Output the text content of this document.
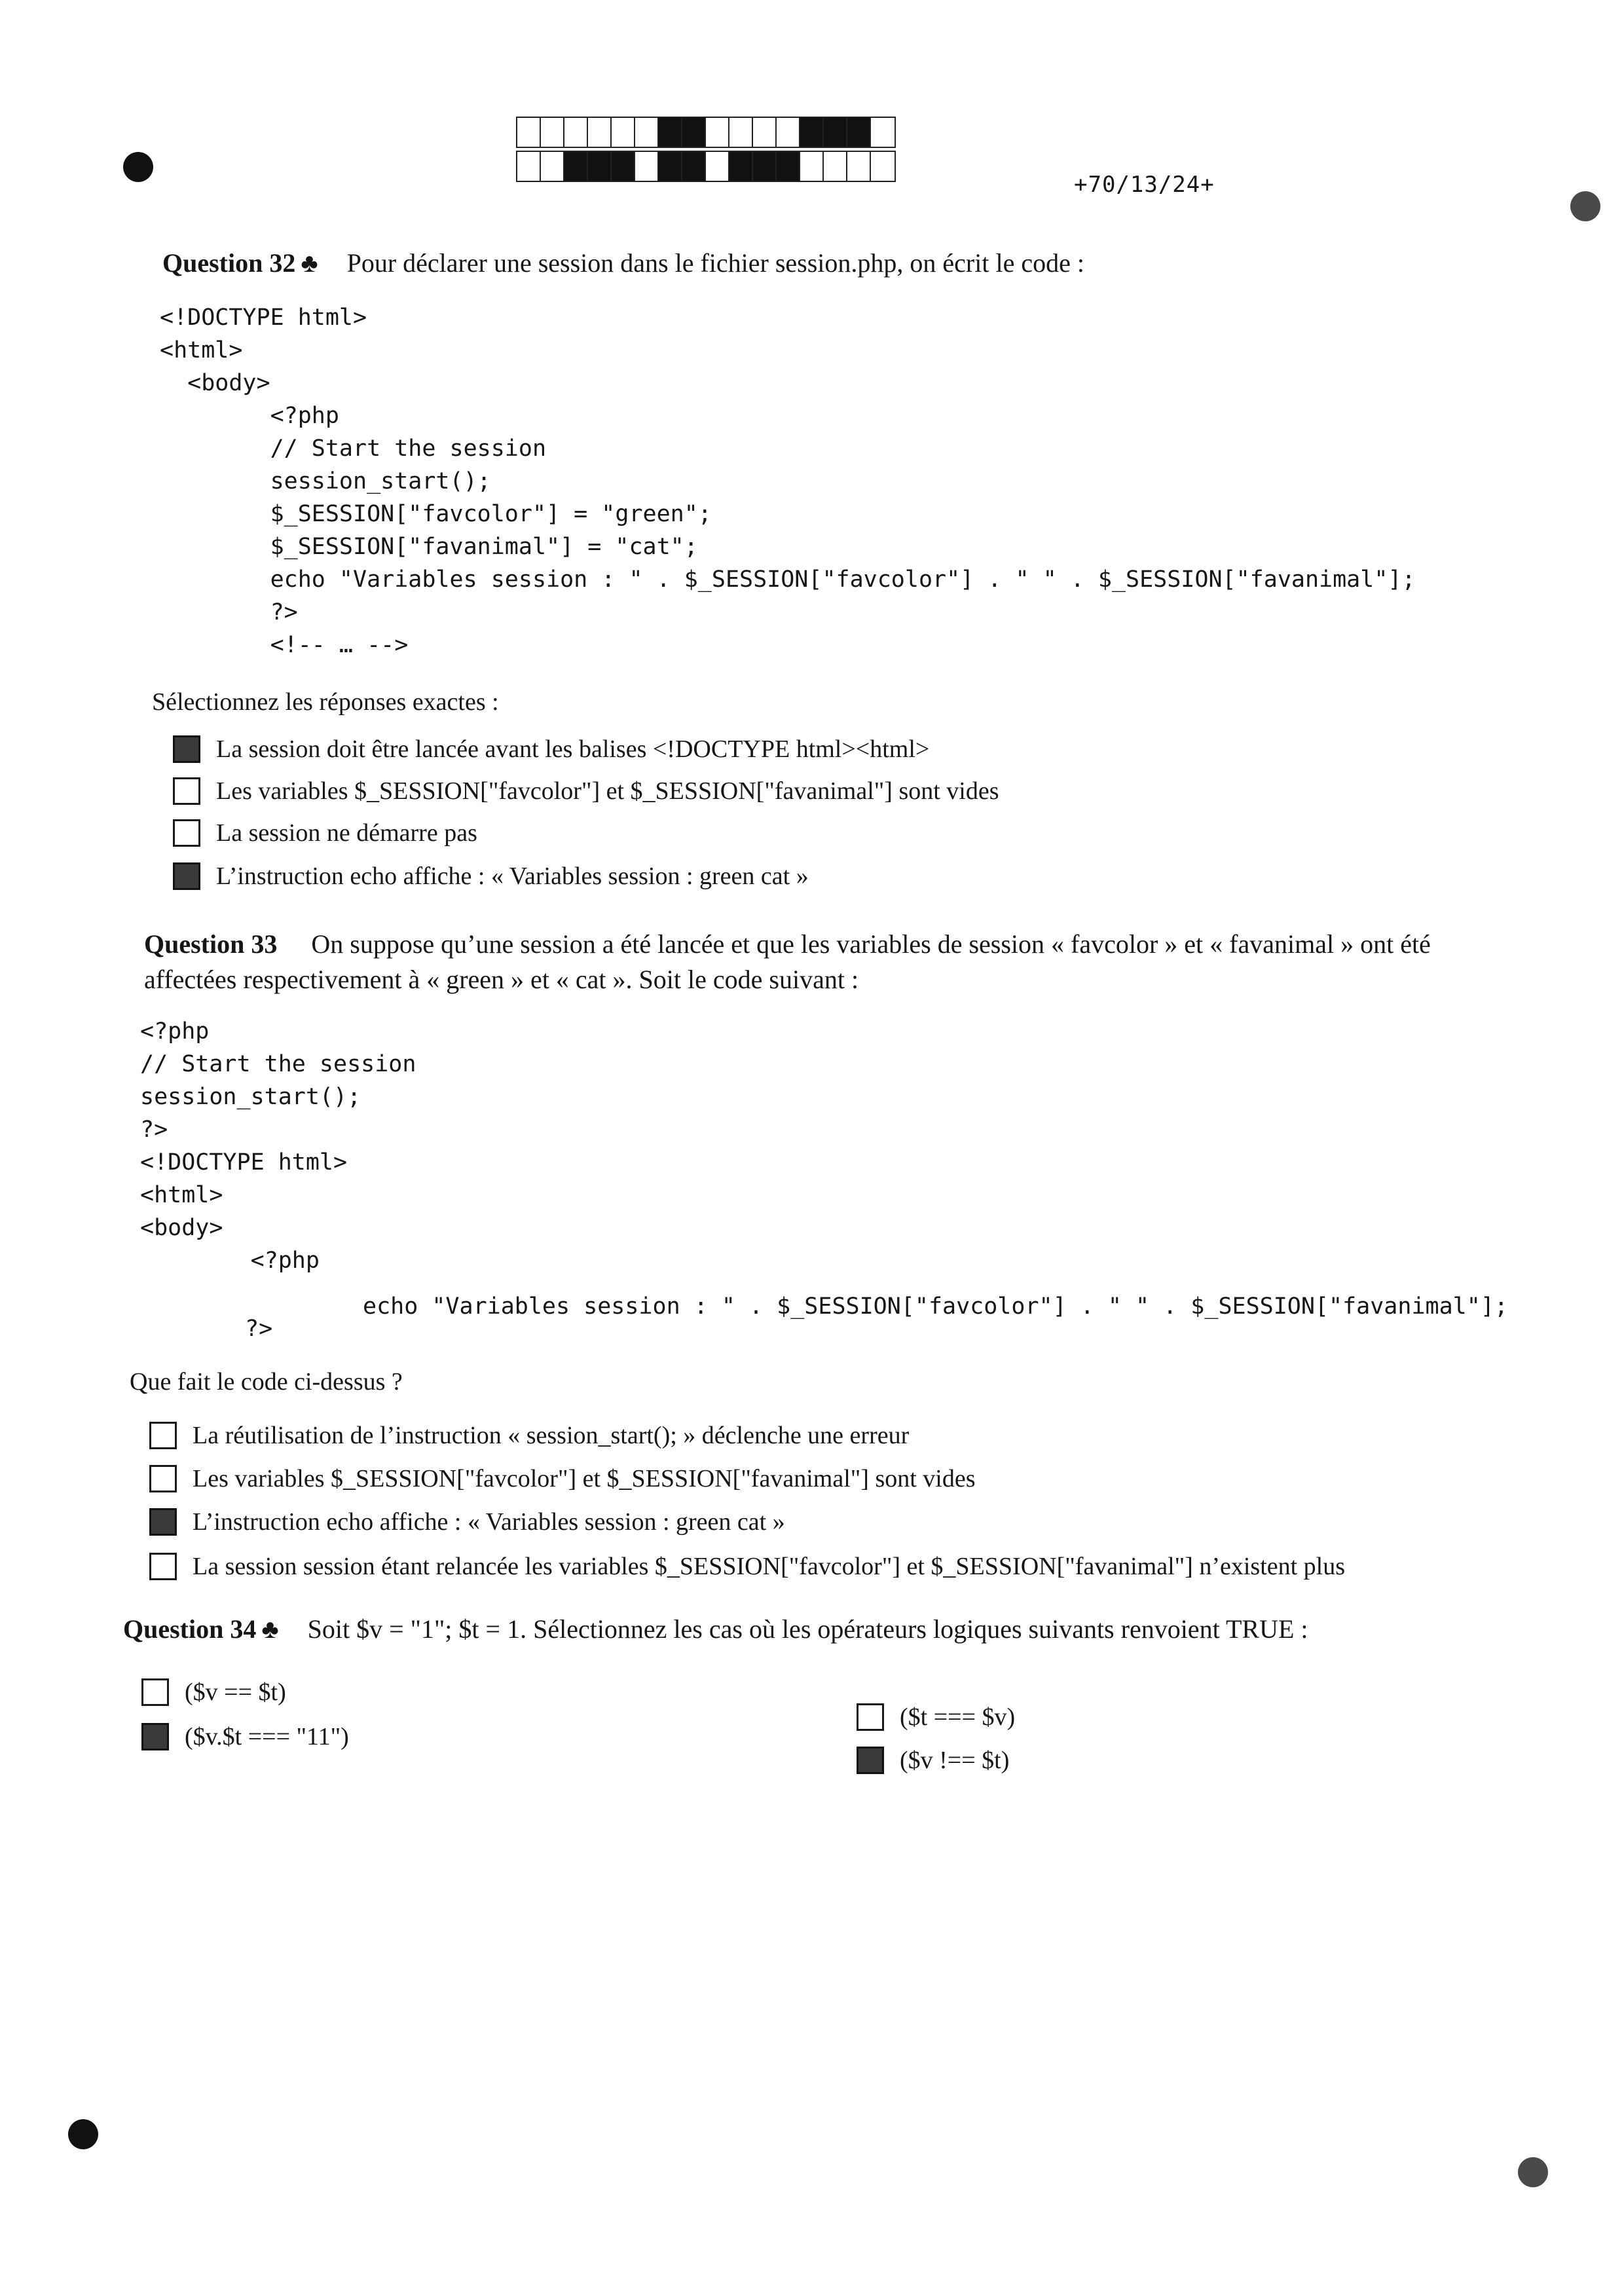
+70/13/24+
Question 32 ♣ Pour déclarer une session dans le fichier session.php, on écrit le code :
<!DOCTYPE html>
<html>
<body>
<?php
// Start the session
session_start();
$_SESSION["favcolor"] = "green";
$_SESSION["favanimal"] = "cat";
echo "Variables session : " . $_SESSION["favcolor"] . " " . $_SESSION["favanimal"];
?>
<!-- … -->
Sélectionnez les réponses exactes :
La session doit être lancée avant les balises <!DOCTYPE html><html>
Les variables $_SESSION["favcolor"] et $_SESSION["favanimal"] sont vides
La session ne démarre pas
L’instruction echo affiche : « Variables session : green cat »
Question 33 On suppose qu’une session a été lancée et que les variables de session « favcolor » et « favanimal » ont été
affectées respectivement à « green » et « cat ». Soit le code suivant :
<?php
// Start the session
session_start();
?>
<!DOCTYPE html>
<html>
<body>
<?php
echo "Variables session : " . $_SESSION["favcolor"] . " " . $_SESSION["favanimal"];
?>
Que fait le code ci-dessus ?
La réutilisation de l’instruction « session_start(); » déclenche une erreur
Les variables $_SESSION["favcolor"] et $_SESSION["favanimal"] sont vides
L’instruction echo affiche : « Variables session : green cat »
La session session étant relancée les variables $_SESSION["favcolor"] et $_SESSION["favanimal"] n’existent plus
Question 34 ♣ Soit $v = "1"; $t = 1. Sélectionnez les cas où les opérateurs logiques suivants renvoient TRUE :
($v == $t)
($v.$t === "11")
($t === $v)
($v !== $t)
